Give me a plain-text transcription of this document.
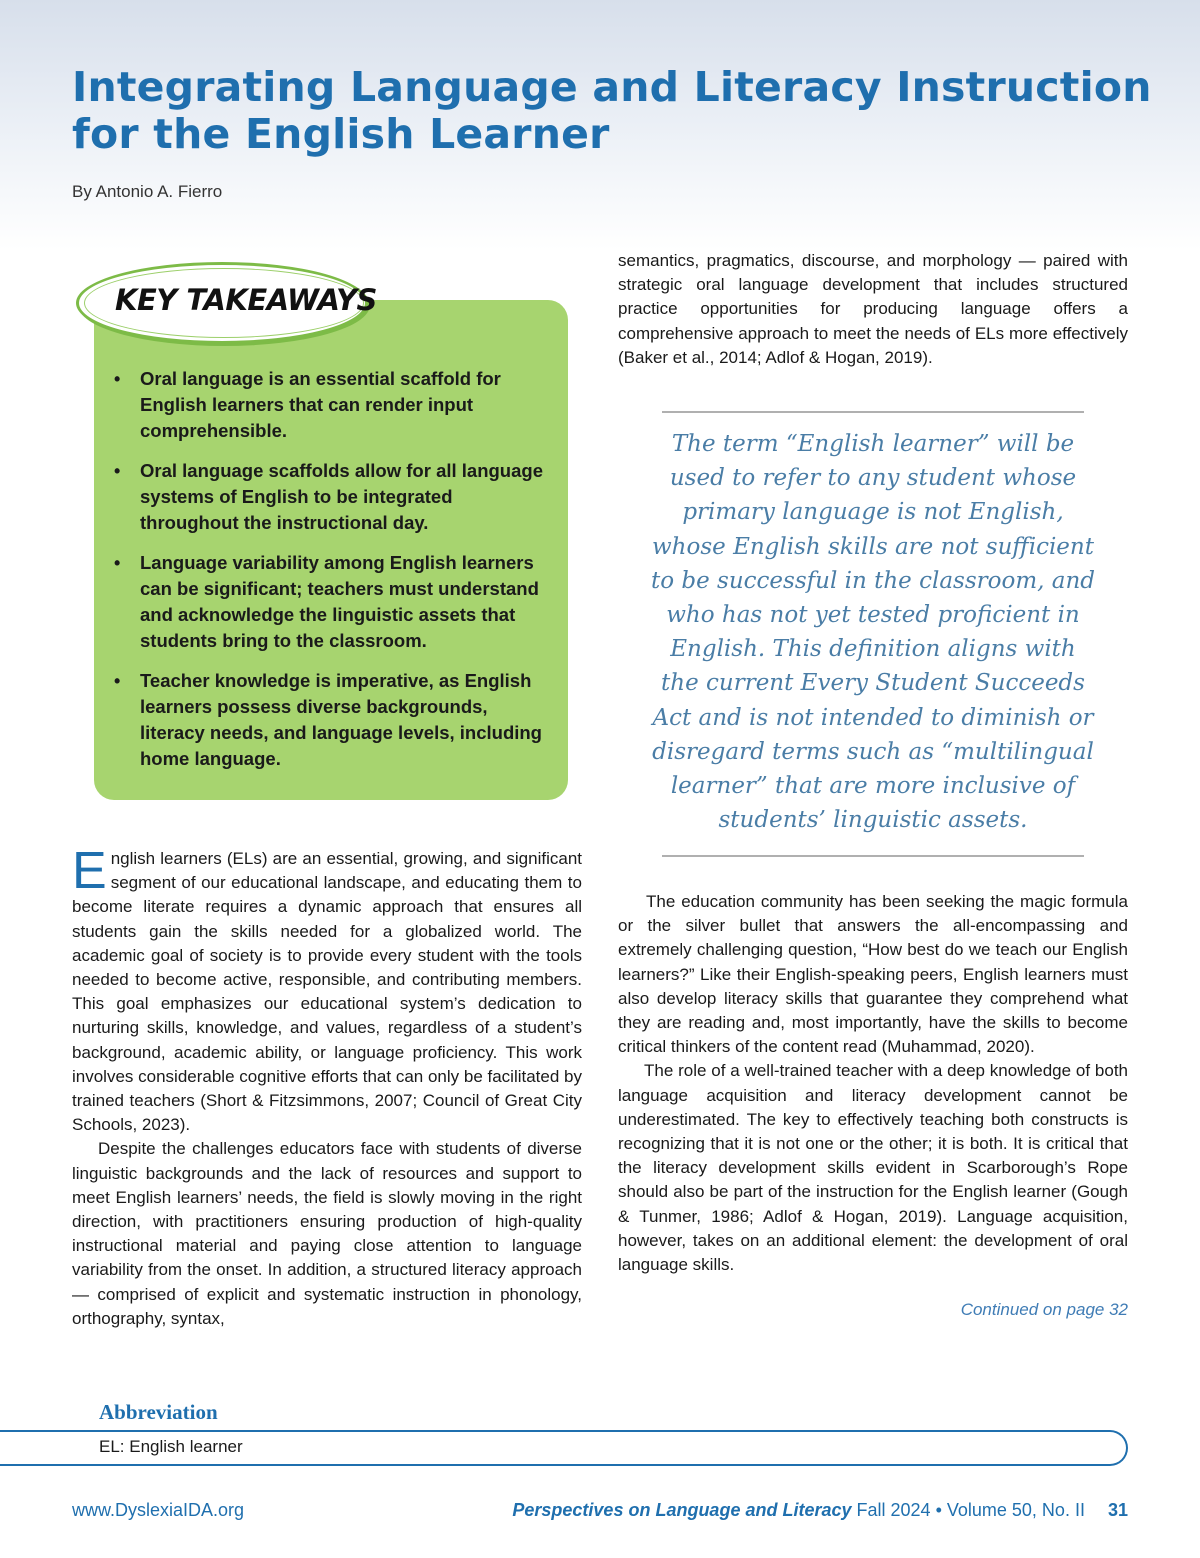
Integrating Language and Literacy Instruction
for the English Learner
By Antonio A. Fierro
KEY TAKEAWAYS
• Oral language is an essential scaffold for English learners that can render input comprehensible.
• Oral language scaffolds allow for all language systems of English to be integrated throughout the instructional day.
• Language variability among English learners can be significant; teachers must understand and acknowledge the linguistic assets that students bring to the classroom.
• Teacher knowledge is imperative, as English learners possess diverse backgrounds, literacy needs, and language levels, including home language.

English learners (ELs) are an essential, growing, and significant segment of our educational landscape, and educating them to become literate requires a dynamic approach that ensures all students gain the skills needed for a globalized world. The academic goal of society is to provide every student with the tools needed to become active, responsible, and contributing members. This goal emphasizes our educational system’s dedication to nurturing skills, knowledge, and values, regardless of a student’s background, academic ability, or language proficiency. This work involves considerable cognitive efforts that can only be facilitated by trained teachers (Short & Fitzsimmons, 2007; Council of Great City Schools, 2023).

Despite the challenges educators face with students of diverse linguistic backgrounds and the lack of resources and support to meet English learners’ needs, the field is slowly moving in the right direction, with practitioners ensuring production of high-quality instructional material and paying close attention to language variability from the onset. In addition, a structured literacy approach — comprised of explicit and systematic instruction in phonology, orthography, syntax,

semantics, pragmatics, discourse, and morphology — paired with strategic oral language development that includes structured practice opportunities for producing language offers a comprehensive approach to meet the needs of ELs more effectively (Baker et al., 2014; Adlof & Hogan, 2019).

The term “English learner” will be used to refer to any student whose primary language is not English, whose English skills are not sufficient to be successful in the classroom, and who has not yet tested proficient in English. This definition aligns with the current Every Student Succeeds Act and is not intended to diminish or disregard terms such as “multilingual learner” that are more inclusive of students’ linguistic assets.

The education community has been seeking the magic formula or the silver bullet that answers the all-encompassing and extremely challenging question, “How best do we teach our English learners?” Like their English-speaking peers, English learners must also develop literacy skills that guarantee they comprehend what they are reading and, most importantly, have the skills to become critical thinkers of the content read (Muhammad, 2020).

The role of a well-trained teacher with a deep knowledge of both language acquisition and literacy development cannot be underestimated. The key to effectively teaching both constructs is recognizing that it is not one or the other; it is both. It is critical that the literacy development skills evident in Scarborough’s Rope should also be part of the instruction for the English learner (Gough & Tunmer, 1986; Adlof & Hogan, 2019). Language acquisition, however, takes on an additional element: the development of oral language skills.

Continued on page 32
Abbreviation
EL: English learner
www.DyslexiaIDA.org	Perspectives on Language and Literacy Fall 2024 • Volume 50, No. II 31
